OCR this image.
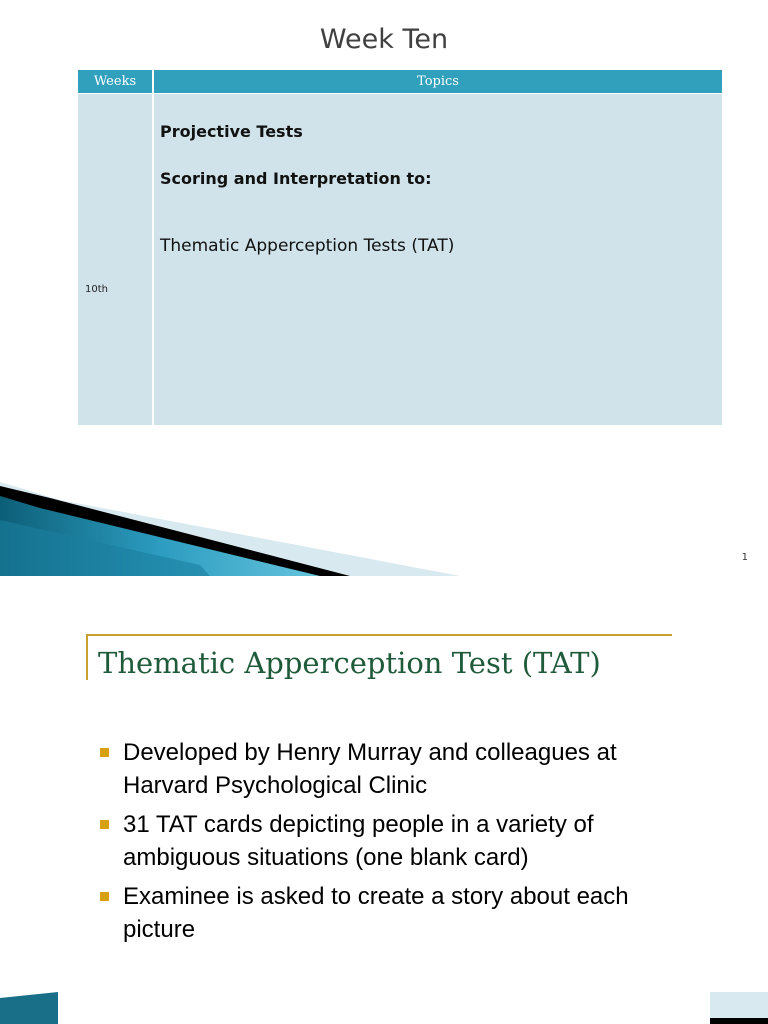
Week Ten
Weeks	Topics
10th
Projective Tests
Scoring and Interpretation to:
Thematic Apperception Tests (TAT)
1
Thematic Apperception Test (TAT)
Developed by Henry Murray and colleagues at Harvard Psychological Clinic
31 TAT cards depicting people in a variety of ambiguous situations (one blank card)
Examinee is asked to create a story about each picture
